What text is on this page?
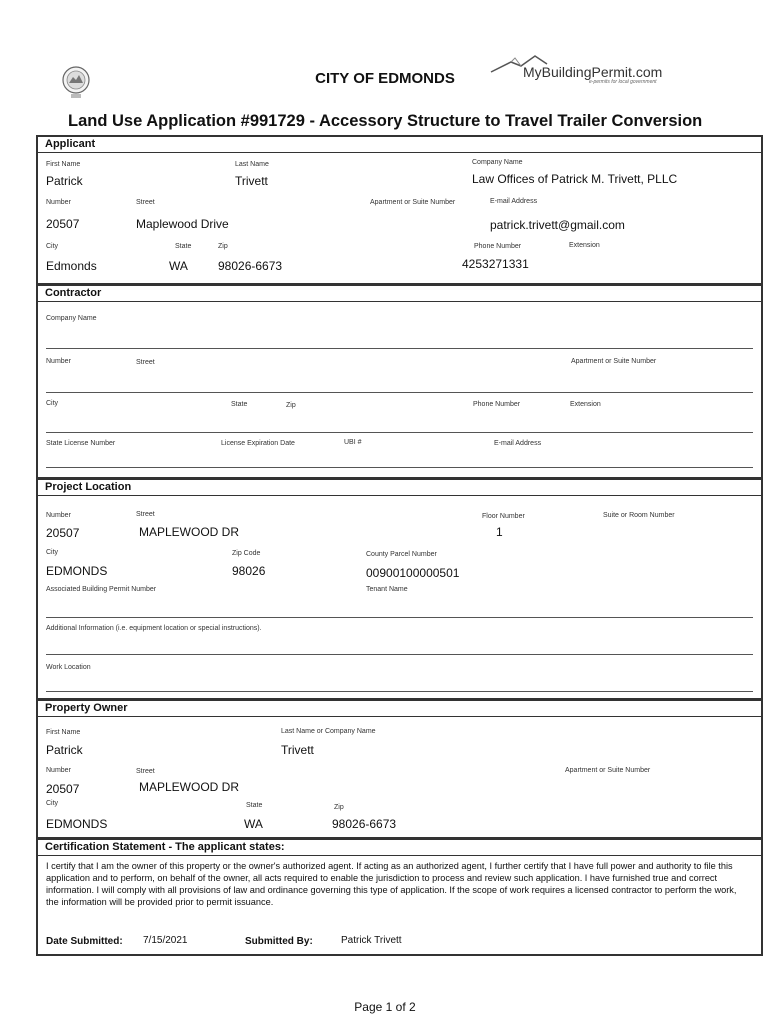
CITY OF EDMONDS	MyBuildingPermit.com
e-permits for local government
Land Use Application #991729 - Accessory Structure to Travel Trailer Conversion
Applicant
First Name
Patrick
Last Name
Trivett
Company Name
Law Offices of Patrick M. Trivett, PLLC
Number
20507
Street
Maplewood Drive
Apartment or Suite Number	E-mail Address
patrick.trivett@gmail.com
City
Edmonds
State
WA
Zip
98026-6673
Phone Number
4253271331
Extension
Contractor
Company Name
Number	Street	Apartment or Suite Number
City	State	Zip	Phone Number	Extension
State License Number	License Expiration Date	UBI #	E-mail Address
Project Location
Number
20507
Street
MAPLEWOOD DR
Floor Number
1
Suite or Room Number
City
EDMONDS
Zip Code
98026
County Parcel Number
00900100000501
Associated Building Permit Number	Tenant Name
Additional Information (i.e. equipment location or special instructions).
Work Location
Property Owner
First Name
Patrick
Last Name or Company Name
Trivett
Number
20507
Street
MAPLEWOOD DR
Apartment or Suite Number
City
EDMONDS
State
WA
Zip
98026-6673
Certification Statement - The applicant states:
I certify that I am the owner of this property or the owner's authorized agent. If acting as an authorized agent, I further certify that I have full power and authority to file this application and to perform, on behalf of the owner, all acts required to enable the jurisdiction to process and review such application. I have furnished true and correct information. I will comply with all provisions of law and ordinance governing this type of application. If the scope of work requires a licensed contractor to perform the work, the information will be provided prior to permit issuance.
Date Submitted: 7/15/2021	Submitted By:	Patrick Trivett
Page 1 of 2
